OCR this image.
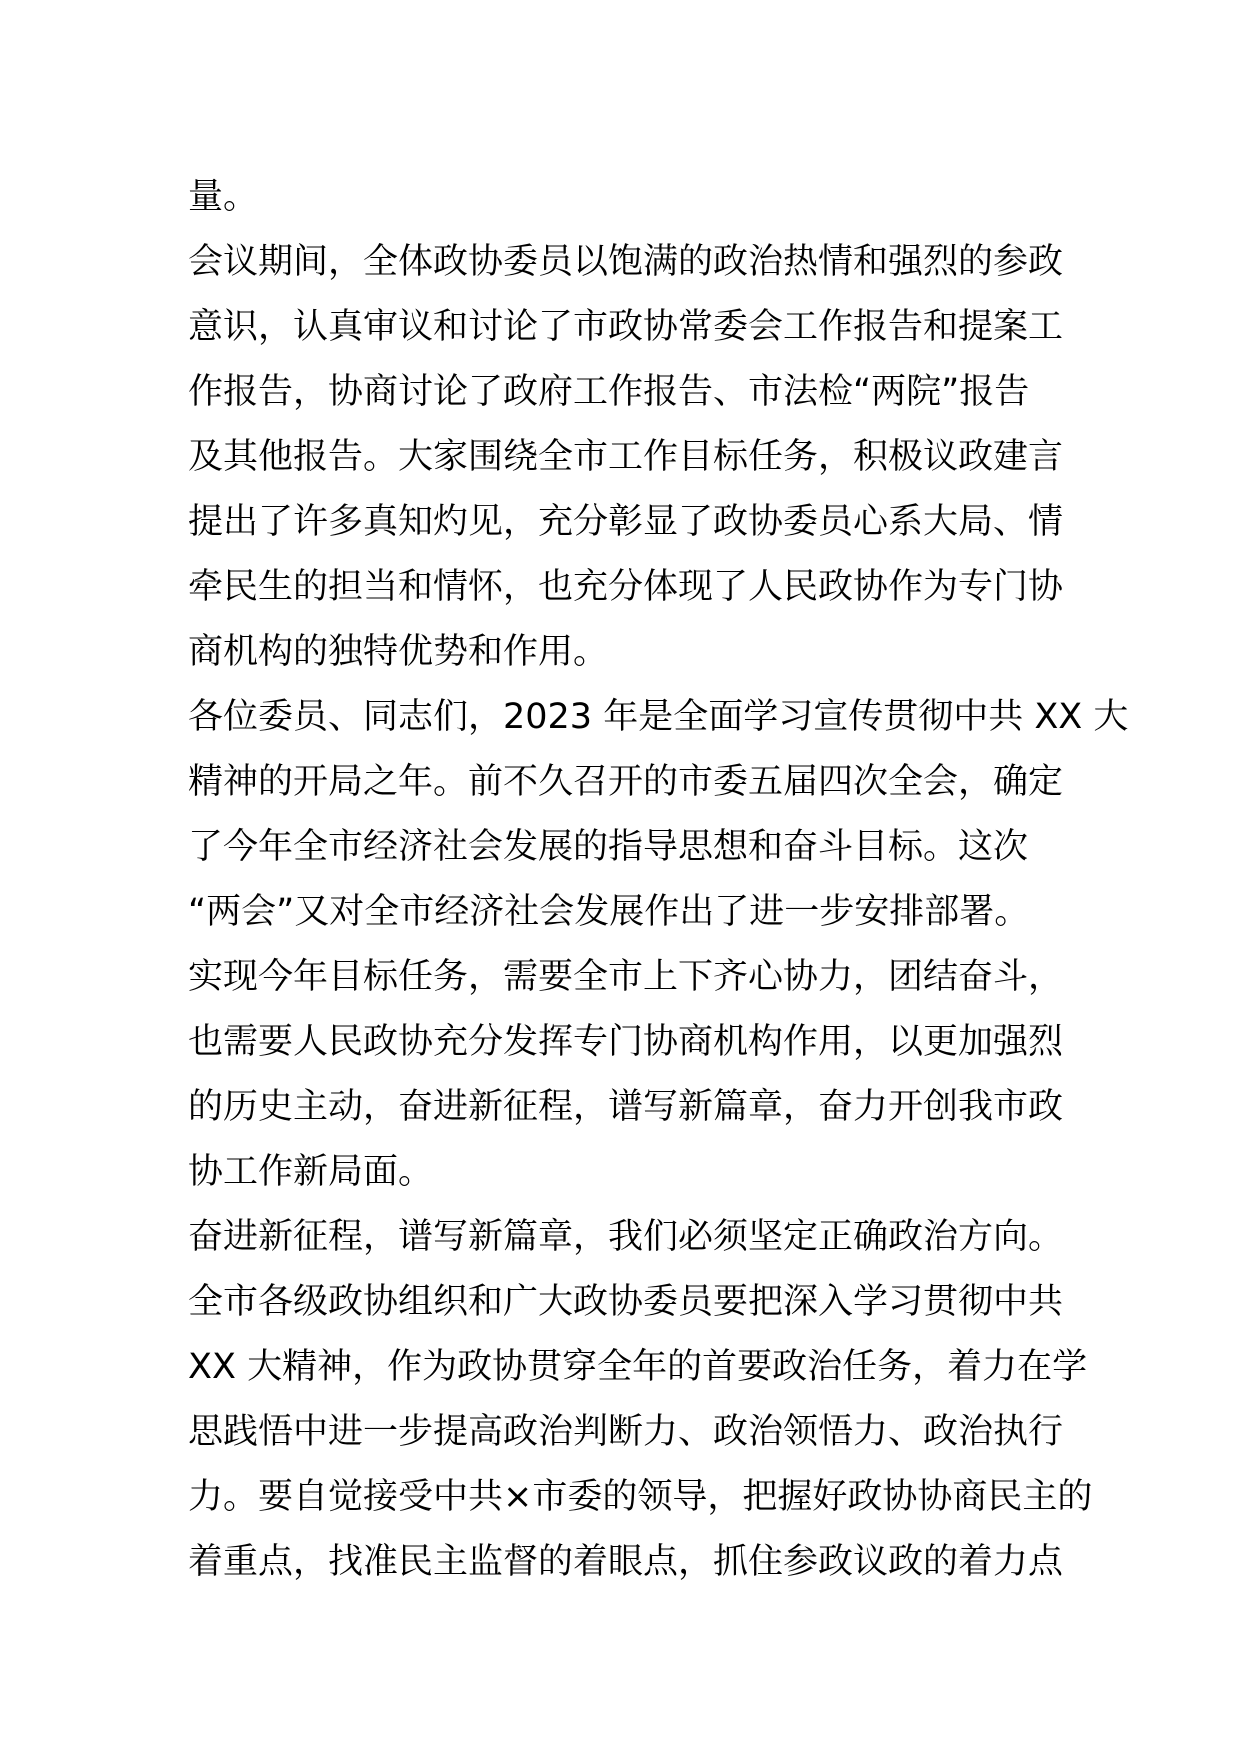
量。
会议期间，全体政协委员以饱满的政治热情和强烈的参政
意识，认真审议和讨论了市政协常委会工作报告和提案工
作报告，协商讨论了政府工作报告、市法检“两院”报告
及其他报告。大家围绕全市工作目标任务，积极议政建言
提出了许多真知灼见，充分彰显了政协委员心系大局、情
牵民生的担当和情怀，也充分体现了人民政协作为专门协
商机构的独特优势和作用。
各位委员、同志们，2023 年是全面学习宣传贯彻中共 XX 大
精神的开局之年。前不久召开的市委五届四次全会，确定
了今年全市经济社会发展的指导思想和奋斗目标。这次
“两会”又对全市经济社会发展作出了进一步安排部署。
实现今年目标任务，需要全市上下齐心协力，团结奋斗，
也需要人民政协充分发挥专门协商机构作用，以更加强烈
的历史主动，奋进新征程，谱写新篇章，奋力开创我市政
协工作新局面。
奋进新征程，谱写新篇章，我们必须坚定正确政治方向。
全市各级政协组织和广大政协委员要把深入学习贯彻中共
XX 大精神，作为政协贯穿全年的首要政治任务，着力在学
思践悟中进一步提高政治判断力、政治领悟力、政治执行
力。要自觉接受中共×市委的领导，把握好政协协商民主的
着重点，找准民主监督的着眼点，抓住参政议政的着力点
